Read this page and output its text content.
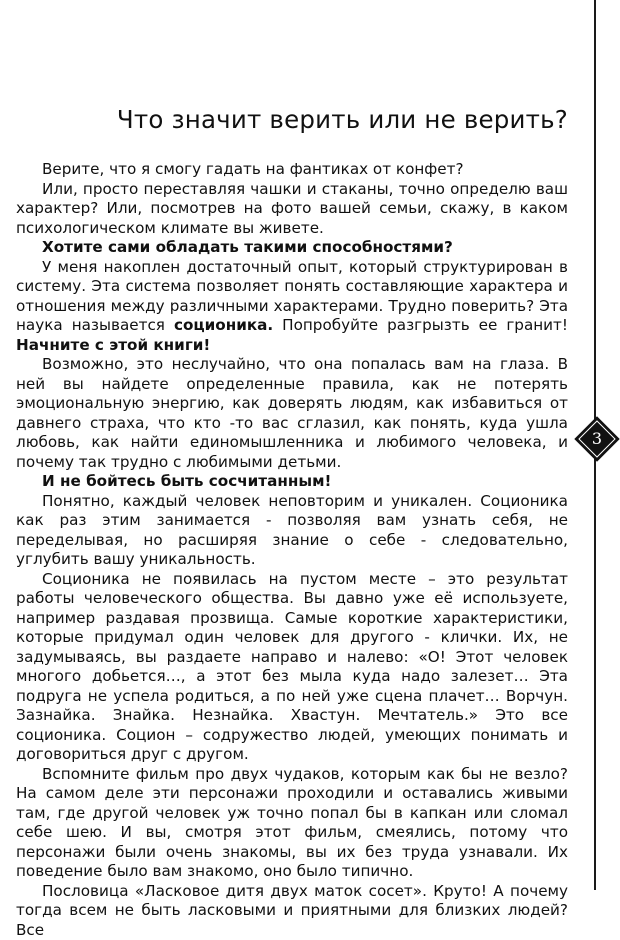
Что значит верить или не верить?

Верите, что я смогу гадать на фантиках от конфет?

Или, просто переставляя чашки и стаканы, точно определю ваш характер? Или, посмотрев на фото вашей семьи, скажу, в каком психологическом климате вы живете.

Хотите сами обладать такими способностями?

У меня накоплен достаточный опыт, который структурирован в систему. Эта система позволяет понять составляющие характера и отношения между различными характерами. Трудно поверить? Эта наука называется соционика. Попробуйте разгрызть ее гранит! Начните с этой книги!

Возможно, это неслучайно, что она попалась вам на глаза. В ней вы найдете определенные правила, как не потерять эмоциональную энергию, как доверять людям, как избавиться от давнего страха, что кто -то вас сглазил, как понять, куда ушла любовь, как найти единомышленника и любимого человека, и почему так трудно с любимыми детьми.

И не бойтесь быть сосчитанным!

Понятно, каждый человек неповторим и уникален. Соционика как раз этим занимается - позволяя вам узнать себя, не переделывая, но расширяя знание о себе - следовательно, углубить вашу уникальность.

Соционика не появилась на пустом месте – это результат работы человеческого общества. Вы давно уже её используете, например раздавая прозвища. Самые короткие характеристики, которые придумал один человек для другого - клички. Их, не задумываясь, вы раздаете направо и налево: «О! Этот человек многого добьется…, а этот без мыла куда надо залезет… Эта подруга не успела родиться, а по ней уже сцена плачет… Ворчун. Зазнайка. Знайка. Незнайка. Хвастун. Мечтатель.» Это все соционика. Социон – содружество людей, умеющих понимать и договориться друг с другом.

Вспомните фильм про двух чудаков, которым как бы не везло? На самом деле эти персонажи проходили и оставались живыми там, где другой человек уж точно попал бы в капкан или сломал себе шею. И вы, смотря этот фильм, смеялись, потому что персонажи были очень знакомы, вы их без труда узнавали. Их поведение было вам знакомо, оно было типично.

Пословица «Ласковое дитя двух маток сосет». Круто! А почему тогда всем не быть ласковыми и приятными для близких людей? Все

3
